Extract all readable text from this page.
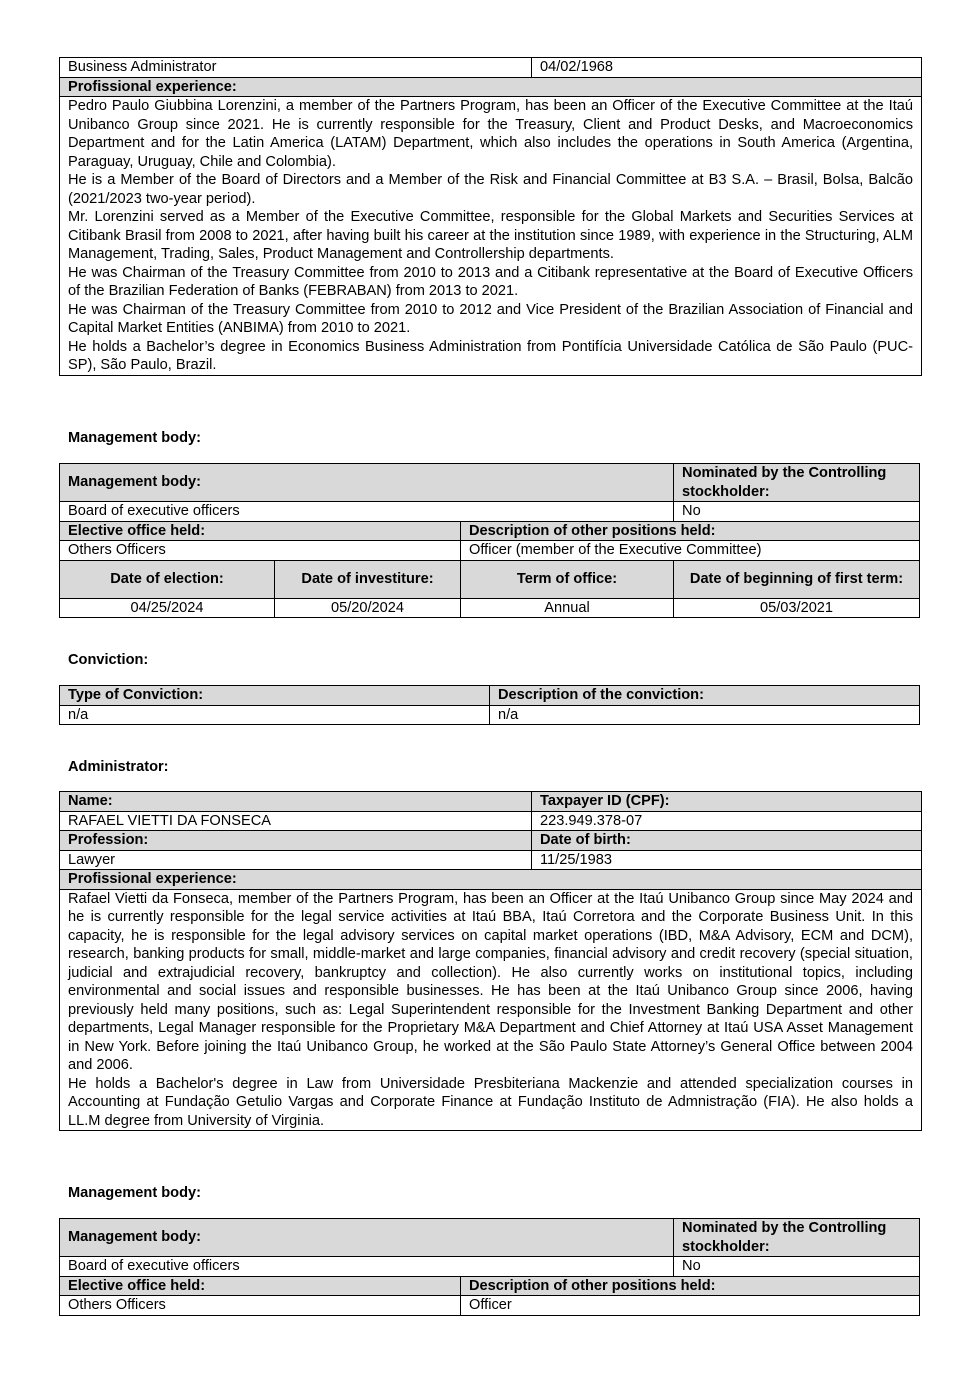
Business Administrator	04/02/1968
Profissional experience:

Pedro Paulo Giubbina Lorenzini, a member of the Partners Program, has been an Officer of the Executive Committee at the Itaú Unibanco Group since 2021. He is currently responsible for the Treasury, Client and Product Desks, and Macroeconomics Department and for the Latin America (LATAM) Department, which also includes the operations in South America (Argentina, Paraguay, Uruguay, Chile and Colombia).
He is a Member of the Board of Directors and a Member of the Risk and Financial Committee at B3 S.A. – Brasil, Bolsa, Balcão (2021/2023 two-year period).
Mr. Lorenzini served as a Member of the Executive Committee, responsible for the Global Markets and Securities Services at Citibank Brasil from 2008 to 2021, after having built his career at the institution since 1989, with experience in the Structuring, ALM Management, Trading, Sales, Product Management and Controllership departments.
He was Chairman of the Treasury Committee from 2010 to 2013 and a Citibank representative at the Board of Executive Officers of the Brazilian Federation of Banks (FEBRABAN) from 2013 to 2021.
He was Chairman of the Treasury Committee from 2010 to 2012 and Vice President of the Brazilian Association of Financial and Capital Market Entities (ANBIMA) from 2010 to 2021.
He holds a Bachelor’s degree in Economics Business Administration from Pontifícia Universidade Católica de São Paulo (PUC-SP), São Paulo, Brazil.
Management body:
Management body:			Nominated by the Controlling stockholder:
Board of executive officers			No
Elective office held:		Description of other positions held:	
Others Officers		Officer (member of the Executive Committee)	
Date of election:	Date of investiture:	Term of office:	Date of beginning of first term:
04/25/2024	05/20/2024	Annual	05/03/2021
Conviction:
Type of Conviction:	Description of the conviction:
n/a	n/a
Administrator:
Name:	Taxpayer ID (CPF):
RAFAEL VIETTI DA FONSECA	223.949.378-07
Profession:	Date of birth:
Lawyer	11/25/1983
Profissional experience:	

Rafael Vietti da Fonseca, member of the Partners Program, has been an Officer at the Itaú Unibanco Group since May 2024 and he is currently responsible for the legal service activities at Itaú BBA, Itaú Corretora and the Corporate Business Unit. In this capacity, he is responsible for the legal advisory services on capital market operations (IBD, M&A Advisory, ECM and DCM), research, banking products for small, middle-market and large companies, financial advisory and credit recovery (special situation, judicial and extrajudicial recovery, bankruptcy and collection). He also currently works on institutional topics, including environmental and social issues and responsible businesses. He has been at the Itaú Unibanco Group since 2006, having previously held many positions, such as: Legal Superintendent responsible for the Investment Banking Department and other departments, Legal Manager responsible for the Proprietary M&A Department and Chief Attorney at Itaú USA Asset Management in New York. Before joining the Itaú Unibanco Group, he worked at the São Paulo State Attorney’s General Office between 2004 and 2006.
He holds a Bachelor's degree in Law from Universidade Presbiteriana Mackenzie and attended specialization courses in Accounting at Fundação Getulio Vargas and Corporate Finance at Fundação Instituto de Admnistração (FIA). He also holds a LL.M degree from University of Virginia.	
Management body:
Management body:		Nominated by the Controlling stockholder:
Board of executive officers		No
Elective office held:	Description of other positions held:	
Others Officers	Officer	
